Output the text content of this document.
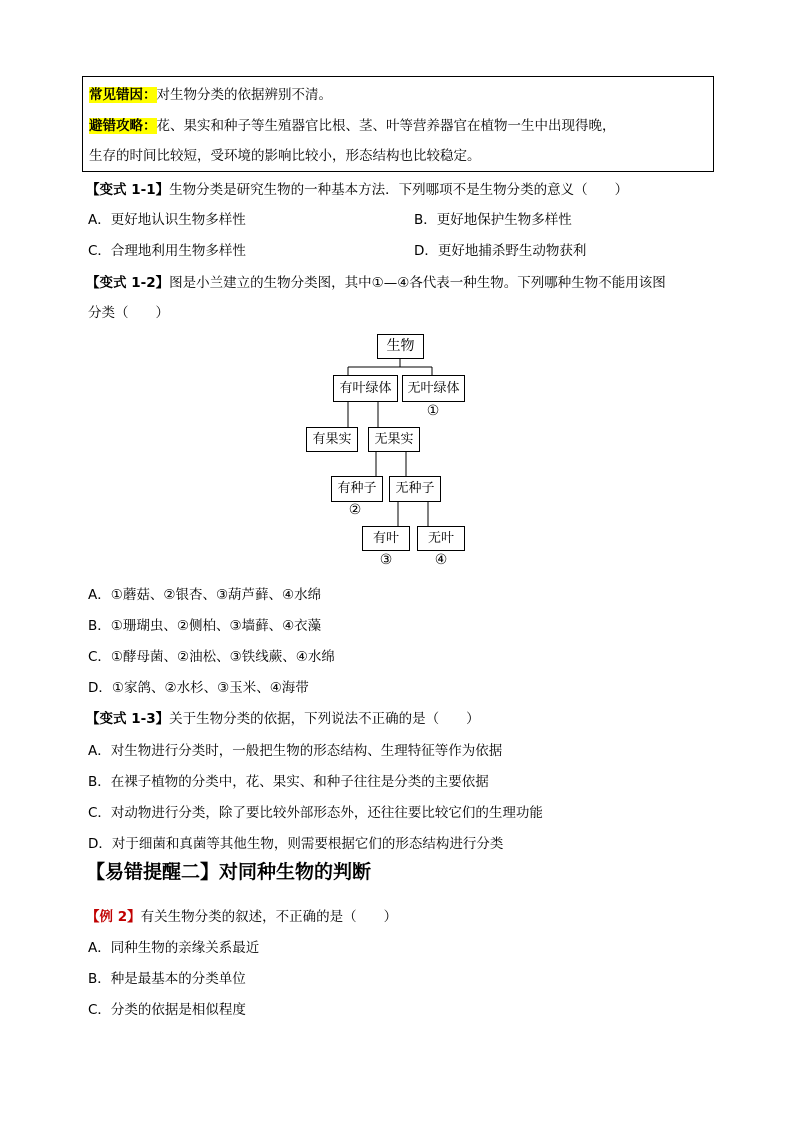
常见错因：对生物分类的依据辨别不清。
避错攻略：花、果实和种子等生殖器官比根、茎、叶等营养器官在植物一生中出现得晚，
生存的时间比较短，受环境的影响比较小，形态结构也比较稳定。
【变式 1-1】生物分类是研究生物的一种基本方法．下列哪项不是生物分类的意义（　　）
A．更好地认识生物多样性	B．更好地保护生物多样性
C．合理地利用生物多样性	D．更好地捕杀野生动物获利
【变式 1-2】图是小兰建立的生物分类图，其中①—④各代表一种生物。下列哪种生物不能用该图
分类（　　）
生物
有叶绿体	无叶绿体
①
有果实	无果实
有种子	无种子
②
有叶	无叶
③	④
A．①蘑菇、②银杏、③葫芦藓、④水绵
B．①珊瑚虫、②侧柏、③墙藓、④衣藻
C．①酵母菌、②油松、③铁线蕨、④水绵
D．①家鸽、②水杉、③玉米、④海带
【变式 1-3】关于生物分类的依据，下列说法不正确的是（　　）
A．对生物进行分类时，一般把生物的形态结构、生理特征等作为依据
B．在裸子植物的分类中，花、果实、和种子往往是分类的主要依据
C．对动物进行分类，除了要比较外部形态外，还往往要比较它们的生理功能
D．对于细菌和真菌等其他生物，则需要根据它们的形态结构进行分类
【易错提醒二】对同种生物的判断
【例 2】有关生物分类的叙述，不正确的是（　　）
A．同种生物的亲缘关系最近
B．种是最基本的分类单位
C．分类的依据是相似程度
